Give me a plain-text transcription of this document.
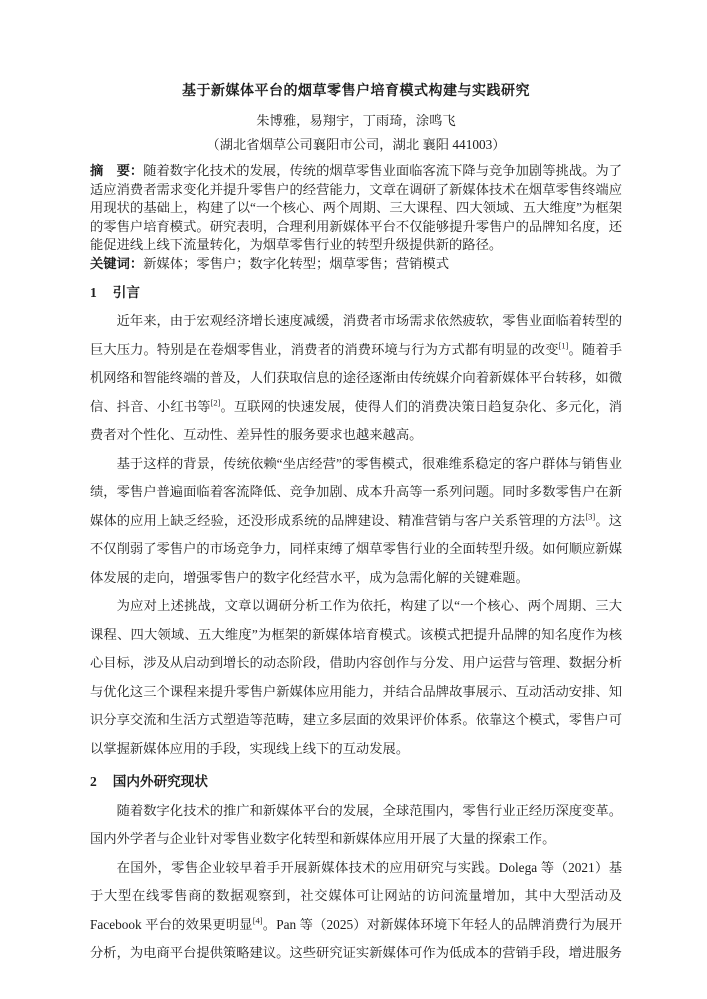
基于新媒体平台的烟草零售户培育模式构建与实践研究
朱博雅，易翔宇，丁雨琦，涂鸣飞
（湖北省烟草公司襄阳市公司，湖北 襄阳 441003）

摘　要：随着数字化技术的发展，传统的烟草零售业面临客流下降与竞争加剧等挑战。为了适应消费者需求变化并提升零售户的经营能力，文章在调研了新媒体技术在烟草零售终端应用现状的基础上，构建了以“一个核心、两个周期、三大课程、四大领域、五大维度”为框架的零售户培育模式。研究表明，合理利用新媒体平台不仅能够提升零售户的品牌知名度，还能促进线上线下流量转化，为烟草零售行业的转型升级提供新的路径。

关键词：新媒体；零售户；数字化转型；烟草零售；营销模式

1 引言

近年来，由于宏观经济增长速度减缓，消费者市场需求依然疲软，零售业面临着转型的巨大压力。特别是在卷烟零售业，消费者的消费环境与行为方式都有明显的改变[1]。随着手机网络和智能终端的普及，人们获取信息的途径逐渐由传统媒介向着新媒体平台转移，如微信、抖音、小红书等[2]。互联网的快速发展，使得人们的消费决策日趋复杂化、多元化，消费者对个性化、互动性、差异性的服务要求也越来越高。

基于这样的背景，传统依赖“坐店经营”的零售模式，很难维系稳定的客户群体与销售业绩，零售户普遍面临着客流降低、竞争加剧、成本升高等一系列问题。同时多数零售户在新媒体的应用上缺乏经验，还没形成系统的品牌建设、精准营销与客户关系管理的方法[3]。这不仅削弱了零售户的市场竞争力，同样束缚了烟草零售行业的全面转型升级。如何顺应新媒体发展的走向，增强零售户的数字化经营水平，成为急需化解的关键难题。

为应对上述挑战，文章以调研分析工作为依托，构建了以“一个核心、两个周期、三大课程、四大领域、五大维度”为框架的新媒体培育模式。该模式把提升品牌的知名度作为核心目标，涉及从启动到增长的动态阶段，借助内容创作与分发、用户运营与管理、数据分析与优化这三个课程来提升零售户新媒体应用能力，并结合品牌故事展示、互动活动安排、知识分享交流和生活方式塑造等范畴，建立多层面的效果评价体系。依靠这个模式，零售户可以掌握新媒体应用的手段，实现线上线下的互动发展。

2 国内外研究现状

随着数字化技术的推广和新媒体平台的发展，全球范围内，零售行业正经历深度变革。国内外学者与企业针对零售业数字化转型和新媒体应用开展了大量的探索工作。

在国外，零售企业较早着手开展新媒体技术的应用研究与实践。Dolega 等（2021）基于大型在线零售商的数据观察到，社交媒体可让网站的访问流量增加，其中大型活动及 Facebook 平台的效果更明显[4]。Pan 等（2025）对新媒体环境下年轻人的品牌消费行为展开分析，为电商平台提供策略建议。这些研究证实新媒体可作为低成本的营销手段，增进服务
